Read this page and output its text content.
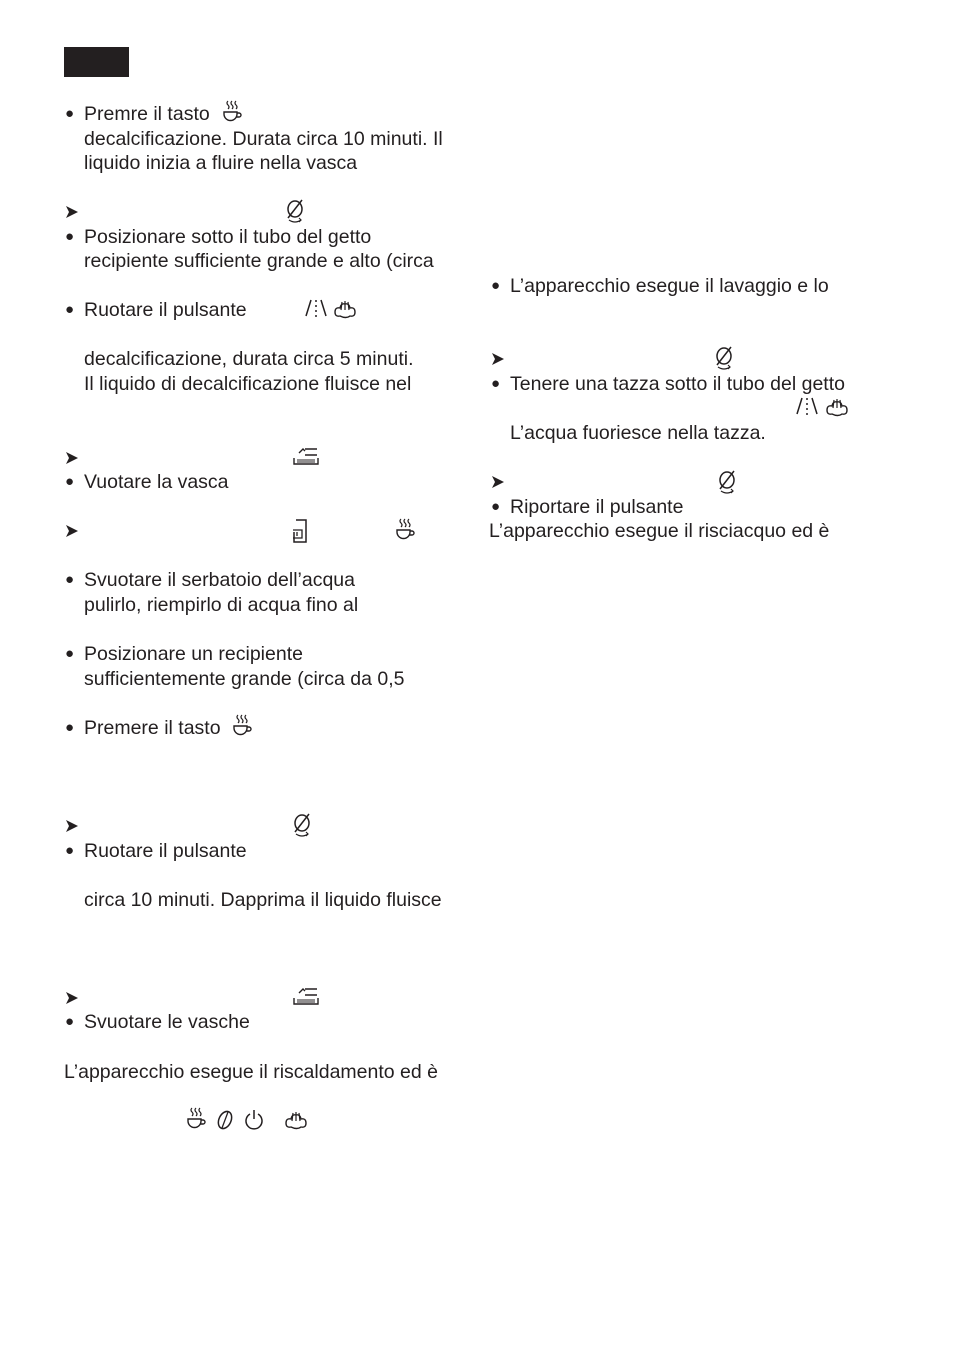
● Premre il tasto
decalcificazione. Durata circa 10 minuti. Il
liquido inizia a fluire nella vasca
● Posizionare sotto il tubo del getto
recipiente sufficiente grande e alto (circa
● Ruotare il pulsante
decalcificazione, durata circa 5 minuti.
Il liquido di decalcificazione fluisce nel
● Vuotare la vasca
● Svuotare il serbatoio dell’acqua
pulirlo, riempirlo di acqua fino al
● Posizionare un recipiente
sufficientemente grande (circa da 0,5
● Premere il tasto
● Ruotare il pulsante
circa 10 minuti. Dapprima il liquido fluisce
● Svuotare le vasche
L’apparecchio esegue il riscaldamento ed è
● L’apparecchio esegue il lavaggio e lo
● Tenere una tazza sotto il tubo del getto
L’acqua fuoriesce nella tazza.
● Riportare il pulsante
L’apparecchio esegue il risciacquo ed è
